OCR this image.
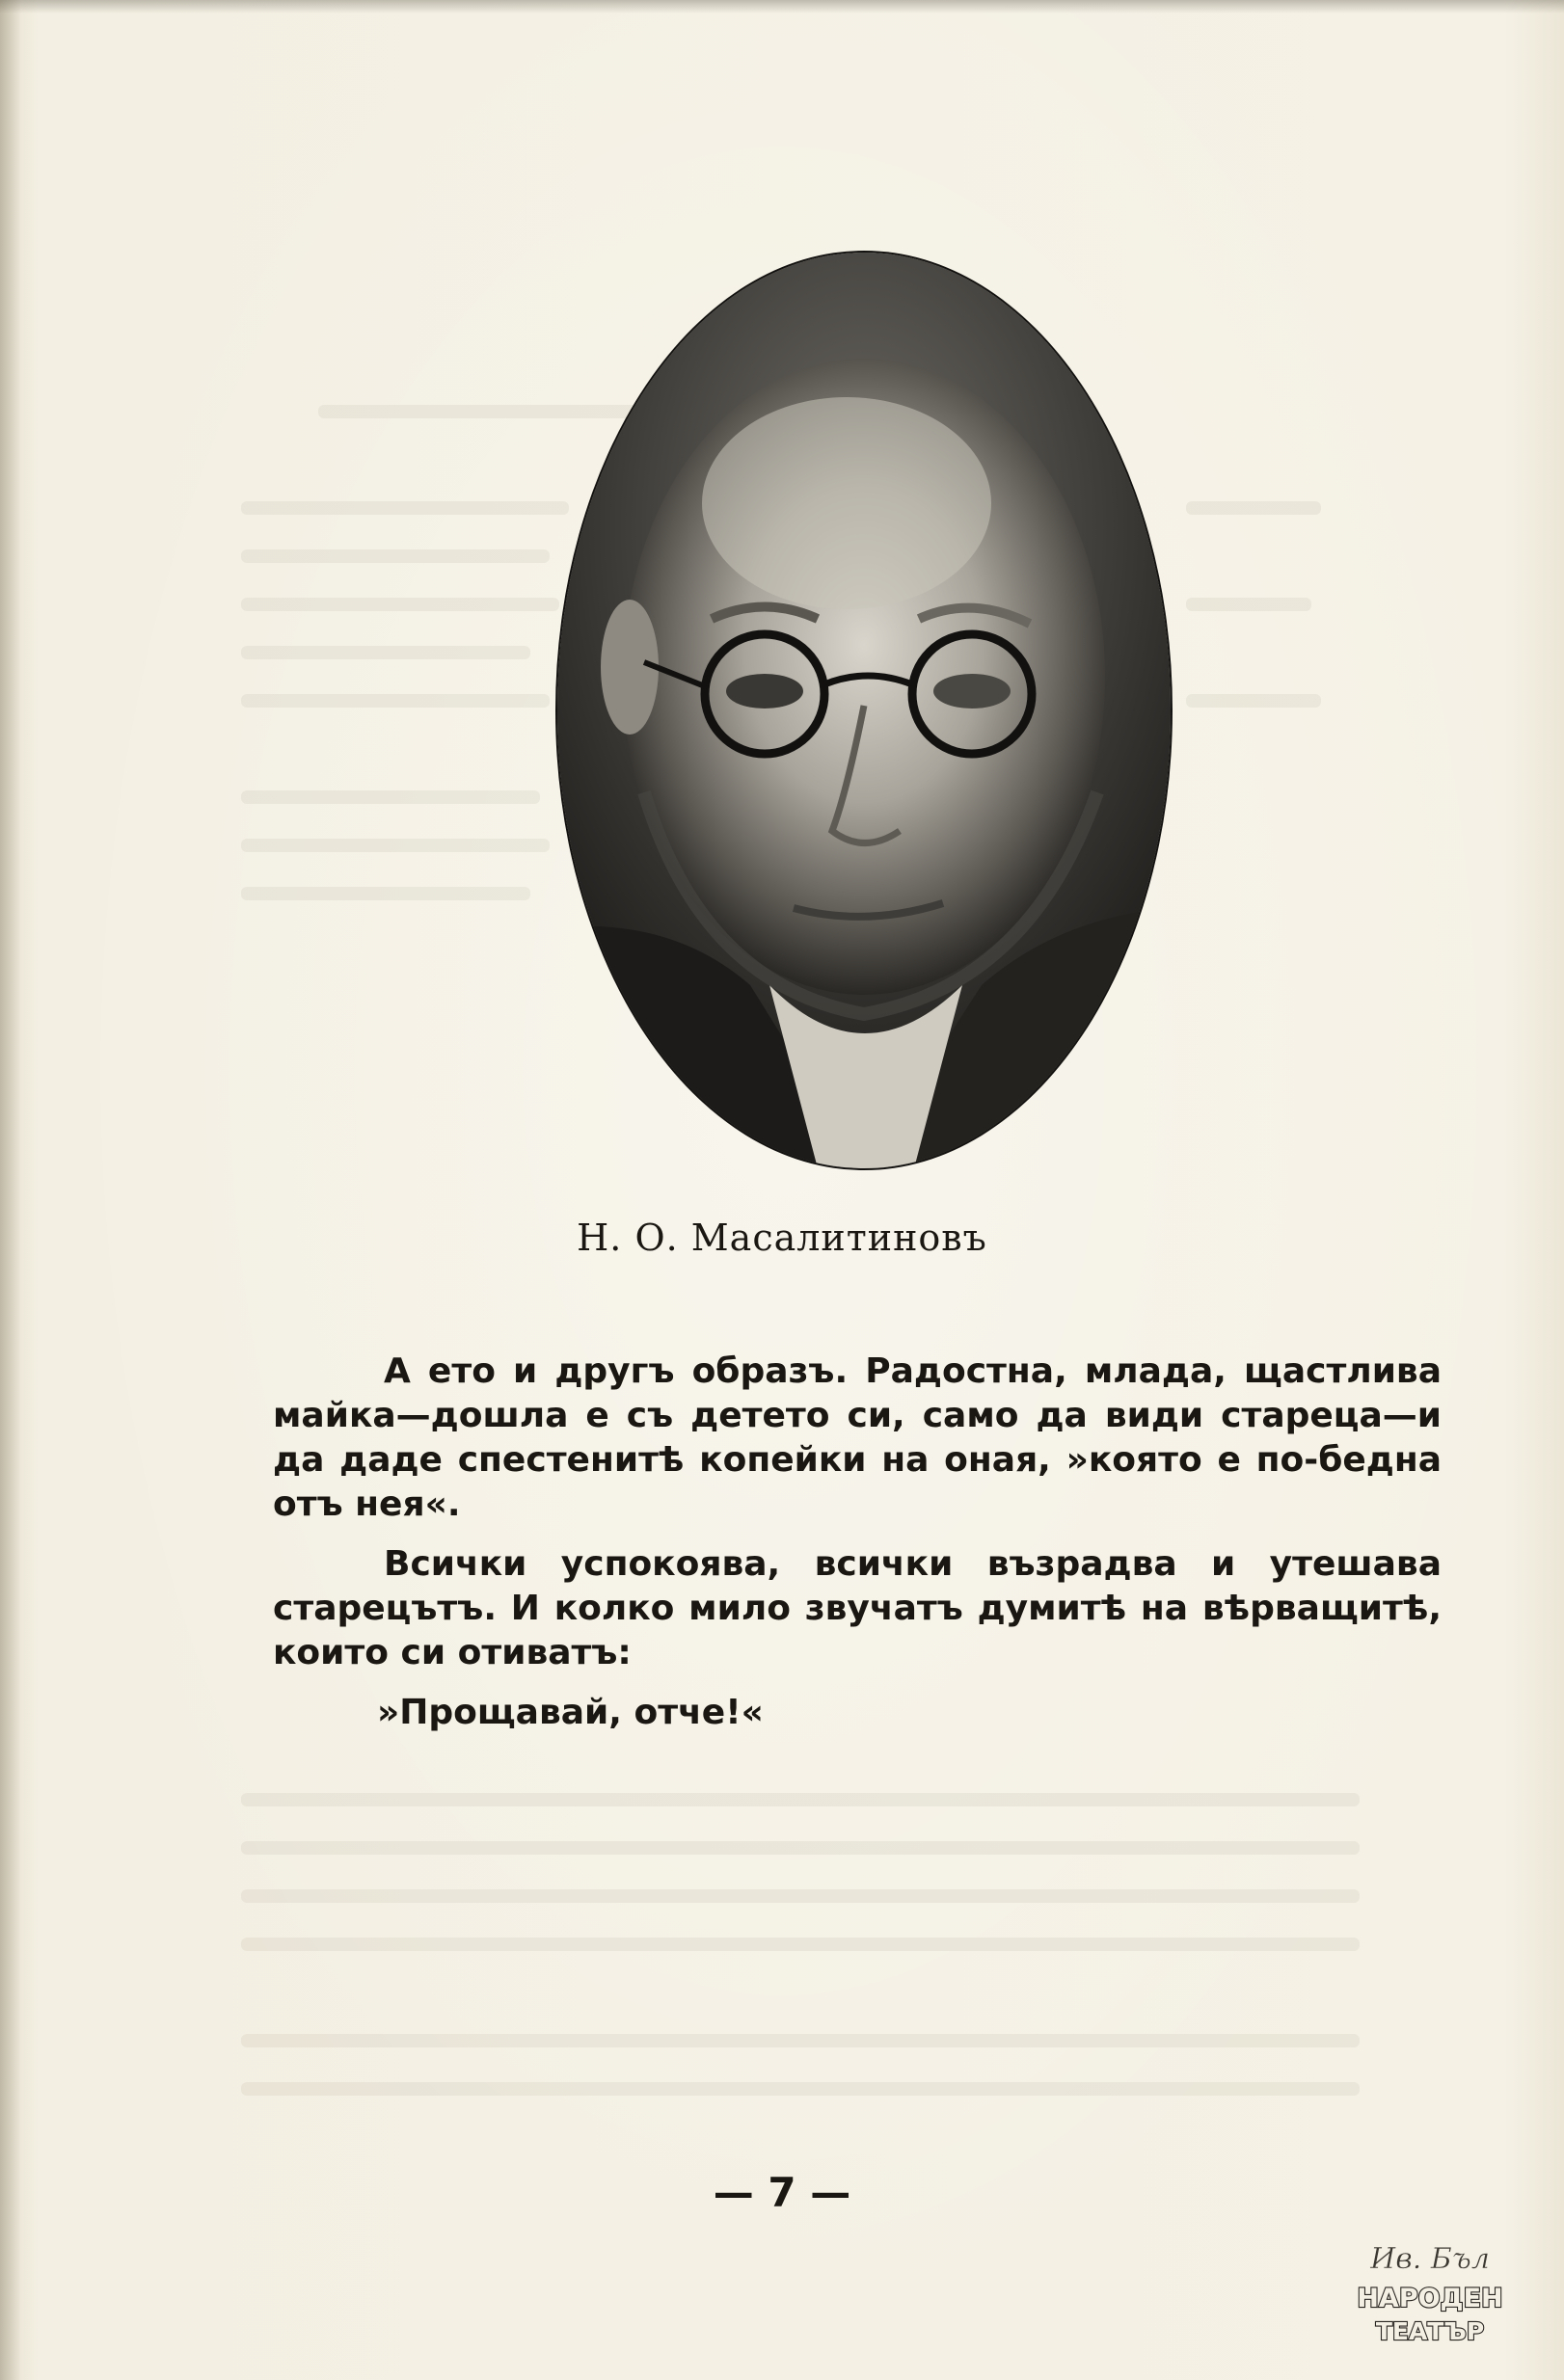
Н. О. Масалитиновъ

А ето и другъ образъ. Радостна, млада, щастлива майка—дошла е съ детето си, само да види стареца—и да даде спестенитѣ копейки на оная, »която е по-бедна отъ нея«.

Всички успокоява, всички възрадва и утешава старецътъ. И колко мило звучатъ думитѣ на вѣрващитѣ, които си отиватъ:

»Прощавай, отче!«

— 7 —
Ив. Бъл
НАРОДЕН
ТЕАТЪР
